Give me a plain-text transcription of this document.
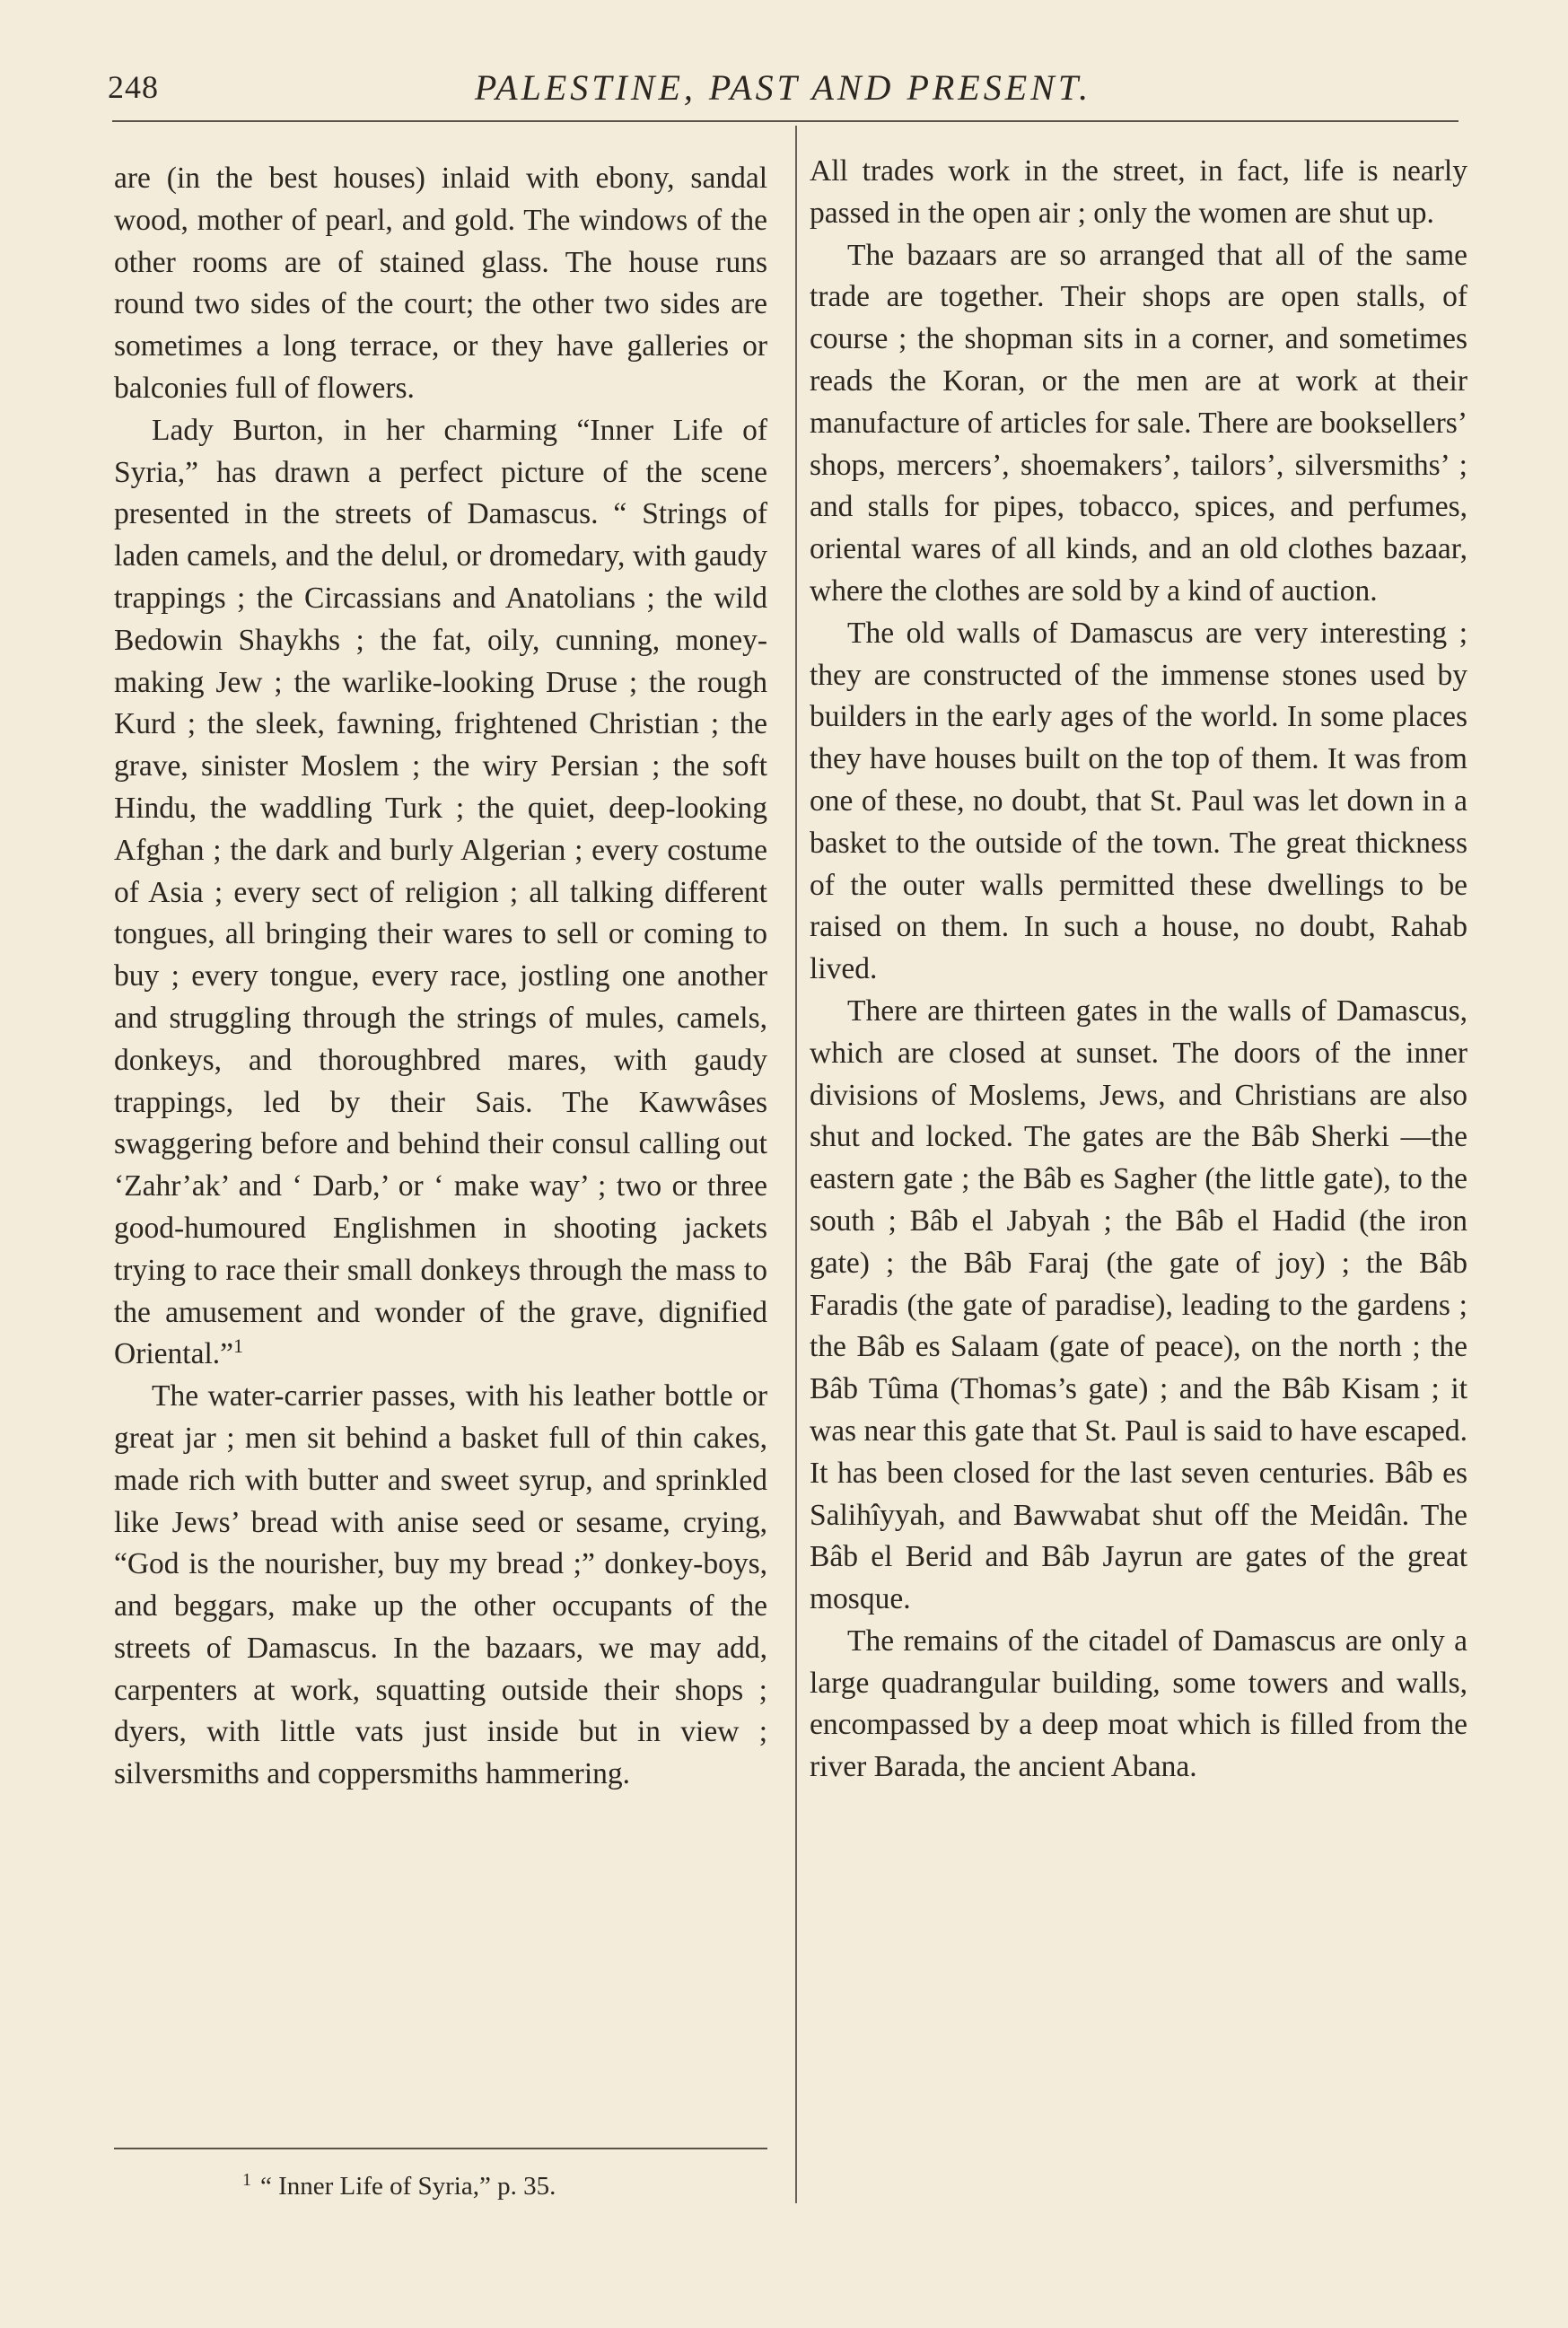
248	PALESTINE, PAST AND PRESENT.

are (in the best houses) inlaid with ebony, sandal wood, mother of pearl, and gold. The windows of the other rooms are of stained glass. The house runs round two sides of the court; the other two sides are sometimes a long terrace, or they have galleries or balconies full of flowers.

Lady Burton, in her charming “Inner Life of Syria,” has drawn a perfect picture of the scene presented in the streets of Damascus. “ Strings of laden camels, and the delul, or dromedary, with gaudy trappings ; the Circassians and Anatolians ; the wild Bedowin Shaykhs ; the fat, oily, cunning, money-making Jew ; the warlike-looking Druse ; the rough Kurd ; the sleek, fawning, frightened Christian ; the grave, sinister Moslem ; the wiry Persian ; the soft Hindu, the waddling Turk ; the quiet, deep-looking Afghan ; the dark and burly Algerian ; every costume of Asia ; every sect of religion ; all talking different tongues, all bringing their wares to sell or coming to buy ; every tongue, every race, jostling one another and struggling through the strings of mules, camels, donkeys, and thoroughbred mares, with gaudy trappings, led by their Sais. The Kawwâses swaggering before and behind their consul calling out ‘Zahr’ak’ and ‘ Darb,’ or ‘ make way’ ; two or three good-humoured Englishmen in shooting jackets trying to race their small donkeys through the mass to the amusement and wonder of the grave, dignified Oriental.”$^1$

The water-carrier passes, with his leather bottle or great jar ; men sit behind a basket full of thin cakes, made rich with butter and sweet syrup, and sprinkled like Jews’ bread with anise seed or sesame, crying, “God is the nourisher, buy my bread ;” donkey-boys, and beggars, make up the other occupants of the streets of Damascus. In the bazaars, we may add, carpenters at work, squatting outside their shops ; dyers, with little vats just inside but in view ; silversmiths and coppersmiths hammering.

All trades work in the street, in fact, life is nearly passed in the open air ; only the women are shut up.

The bazaars are so arranged that all of the same trade are together. Their shops are open stalls, of course ; the shopman sits in a corner, and sometimes reads the Koran, or the men are at work at their manufacture of articles for sale. There are booksellers’ shops, mercers’, shoemakers’, tailors’, silversmiths’ ; and stalls for pipes, tobacco, spices, and perfumes, oriental wares of all kinds, and an old clothes bazaar, where the clothes are sold by a kind of auction.

The old walls of Damascus are very interesting ; they are constructed of the immense stones used by builders in the early ages of the world. In some places they have houses built on the top of them. It was from one of these, no doubt, that St. Paul was let down in a basket to the outside of the town. The great thickness of the outer walls permitted these dwellings to be raised on them. In such a house, no doubt, Rahab lived.

There are thirteen gates in the walls of Damascus, which are closed at sunset. The doors of the inner divisions of Moslems, Jews, and Christians are also shut and locked. The gates are the Bâb Sherki —the eastern gate ; the Bâb es Sagher (the little gate), to the south ; Bâb el Jabyah ; the Bâb el Hadid (the iron gate) ; the Bâb Faraj (the gate of joy) ; the Bâb Faradis (the gate of paradise), leading to the gardens ; the Bâb es Salaam (gate of peace), on the north ; the Bâb Tûma (Thomas’s gate) ; and the Bâb Kisam ; it was near this gate that St. Paul is said to have escaped. It has been closed for the last seven centuries. Bâb es Salihîyyah, and Bawwabat shut off the Meidân. The Bâb el Berid and Bâb Jayrun are gates of the great mosque.

The remains of the citadel of Damascus are only a large quadrangular building, some towers and walls, encompassed by a deep moat which is filled from the river Barada, the ancient Abana.

$^1$ “ Inner Life of Syria,” p. 35.
